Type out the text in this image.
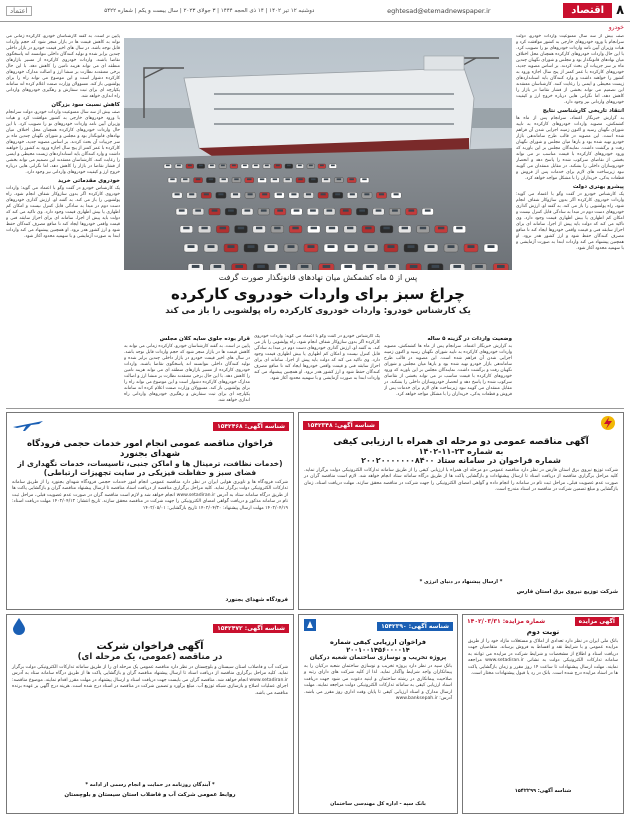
۸
اقتصاد
eghtesad@etemadnewspaper.ir
دوشنبه ۱۲ تیر ۱۴۰۲ | ۱۴ ذی الحجه ۱۴۴۴ | ۳ جولای ۲۰۲۳ | سال بیست و یکم | شماره ۵۴۲۲
اعتماد
خودرو

صف بیش از سه سال ممنوعیت واردات خودرو، دولت سرانجام با ورود خودروهای خارجی به کشور موافقت کرد و هیات وزیران آیین نامه واردات خودروهای نو را تصویب کرد. با این حال واردات خودروهای کارکرده همچنان محل اختلاف میان نهادهای قانونگذار بود و مجلس و شورای نگهبان چندین ماه بر سر جزییات آن بحث کردند. بر اساس مصوبه جدید، خودروهای کارکرده با عمر کمتر از پنج سال اجازه ورود به کشور را خواهند داشت و وارد کنندگان باید استانداردهای زیست محیطی و ایمنی را رعایت کنند. کارشناسان معتقدند این تصمیم می تواند بخشی از فشار تقاضا در بازار را کاهش دهد، اما نگرانی هایی درباره خروج ارز و کیفیت خودروهای وارداتی نیز وجود دارد.

انتقاد تاریخی کارشناسی نتایج

به گزارش خبرنگار اعتماد، سرانجام پس از ماه ها کشمکش، مصوبه واردات خودروهای کارکرده به تایید شورای نگهبان رسید و اکنون زمینه اجرایی شدن آن فراهم شده است. این مصوبه در قالب طرح ساماندهی بازار خودرو تهیه شده بود و بارها میان مجلس و شورای نگهبان رفت و برگشت داشت. نمایندگان مجلس بر این باورند که ورود خودروهای کارکرده با قیمت مناسب تر می تواند بخشی از تقاضای سرکوب شده را پاسخ دهد و انحصار خودروسازان داخلی را بشکند. در مقابل منتقدان می گویند نبود زیرساخت های لازم برای خدمات پس از فروش و قطعات یدکی، خریداران را با مشکل مواجه خواهد کرد.

پیشرو بهتری دولت

یک کارشناس خودرو در گفت وگو با اعتماد می گوید: واردات خودروی کارکرده اگر بدون سازوکار شفاف انجام شود، راه پولشویی را باز می کند. به گفته او، ارزش گذاری خودروهای دست دوم در مبدا به سادگی قابل کنترل نیست و امکان کم اظهاری یا بیش اظهاری قیمت وجود دارد. وی تاکید می کند که دولت باید پیش از اجرا، سامانه ای برای احراز سابقه فنی و قیمت واقعی خودروها ایجاد کند تا منافع مصرف کنندگان حفظ شود و ارز کشور هدر نرود. او همچنین پیشنهاد می کند واردات ابتدا به صورت آزمایشی و با سهمیه محدود آغاز شود.

پایین تر است. به گفته کارشناسان خودرو، کارکرده زمانی می تواند به کاهش قیمت ها در بازار منجر شود که حجم واردات قابل توجه باشد. در سال های اخیر قیمت خودرو در بازار داخلی چندین برابر شده و تولید کنندگان داخلی نتوانسته اند پاسخگوی تقاضا باشند. واردات خودروی کارکرده از مسیر بازارهای منطقه ای می تواند هزینه تامین را کاهش دهد. با این حال برخی معتقدند نظارت بر منشا ارز و اصالت مدارک خودروهای کارکرده دشوار است و این موضوع می تواند راه را برای پولشویی باز کند. مسوولان وزارت صمت اعلام کرده اند سامانه یکپارچه ای برای ثبت سفارش و رهگیری خودروهای وارداتی راه اندازی خواهد شد.

کاهش نسبت سود بزرگان

صف بیش از سه سال ممنوعیت واردات خودرو، دولت سرانجام با ورود خودروهای خارجی به کشور موافقت کرد و هیات وزیران آیین نامه واردات خودروهای نو را تصویب کرد. با این حال واردات خودروهای کارکرده همچنان محل اختلاف میان نهادهای قانونگذار بود و مجلس و شورای نگهبان چندین ماه بر سر جزییات آن بحث کردند. بر اساس مصوبه جدید، خودروهای کارکرده با عمر کمتر از پنج سال اجازه ورود به کشور را خواهند داشت و وارد کنندگان باید استانداردهای زیست محیطی و ایمنی را رعایت کنند. کارشناسان معتقدند این تصمیم می تواند بخشی از فشار تقاضا در بازار را کاهش دهد، اما نگرانی هایی درباره خروج ارز و کیفیت خودروهای وارداتی نیز وجود دارد.

خودروی مقدماتی خرید

یک کارشناس خودرو در گفت وگو با اعتماد می گوید: واردات خودروی کارکرده اگر بدون سازوکار شفاف انجام شود، راه پولشویی را باز می کند. به گفته او، ارزش گذاری خودروهای دست دوم در مبدا به سادگی قابل کنترل نیست و امکان کم اظهاری یا بیش اظهاری قیمت وجود دارد. وی تاکید می کند که دولت باید پیش از اجرا، سامانه ای برای احراز سابقه فنی و قیمت واقعی خودروها ایجاد کند تا منافع مصرف کنندگان حفظ شود و ارز کشور هدر نرود. او همچنین پیشنهاد می کند واردات ابتدا به صورت آزمایشی و با سهمیه محدود آغاز شود.

پس از ۵ ماه کشمکش میان نهادهای قانونگذار صورت گرفت
چراغ سبز برای واردات خودروی کارکرده
یک کارشناس خودرو: واردات خودروی کارکرده راه پولشویی را باز می کند
وضعیت واردات در گزینه ۵ ساله

به گزارش خبرنگار اعتماد، سرانجام پس از ماه ها کشمکش، مصوبه واردات خودروهای کارکرده به تایید شورای نگهبان رسید و اکنون زمینه اجرایی شدن آن فراهم شده است. این مصوبه در قالب طرح ساماندهی بازار خودرو تهیه شده بود و بارها میان مجلس و شورای نگهبان رفت و برگشت داشت. نمایندگان مجلس بر این باورند که ورود خودروهای کارکرده با قیمت مناسب تر می تواند بخشی از تقاضای سرکوب شده را پاسخ دهد و انحصار خودروسازان داخلی را بشکند. در مقابل منتقدان می گویند نبود زیرساخت های لازم برای خدمات پس از فروش و قطعات یدکی، خریداران را با مشکل مواجه خواهد کرد.

یک کارشناس خودرو در گفت وگو با اعتماد می گوید: واردات خودروی کارکرده اگر بدون سازوکار شفاف انجام شود، راه پولشویی را باز می کند. به گفته او، ارزش گذاری خودروهای دست دوم در مبدا به سادگی قابل کنترل نیست و امکان کم اظهاری یا بیش اظهاری قیمت وجود دارد. وی تاکید می کند که دولت باید پیش از اجرا، سامانه ای برای احراز سابقه فنی و قیمت واقعی خودروها ایجاد کند تا منافع مصرف کنندگان حفظ شود و ارز کشور هدر نرود. او همچنین پیشنهاد می کند واردات ابتدا به صورت آزمایشی و با سهمیه محدود آغاز شود.

قرار بوده جلوی سایه کلان مجلس

پایین تر است. به گفته کارشناسان خودرو، کارکرده زمانی می تواند به کاهش قیمت ها در بازار منجر شود که حجم واردات قابل توجه باشد. در سال های اخیر قیمت خودرو در بازار داخلی چندین برابر شده و تولید کنندگان داخلی نتوانسته اند پاسخگوی تقاضا باشند. واردات خودروی کارکرده از مسیر بازارهای منطقه ای می تواند هزینه تامین را کاهش دهد. با این حال برخی معتقدند نظارت بر منشا ارز و اصالت مدارک خودروهای کارکرده دشوار است و این موضوع می تواند راه را برای پولشویی باز کند. مسوولان وزارت صمت اعلام کرده اند سامانه یکپارچه ای برای ثبت سفارش و رهگیری خودروهای وارداتی راه اندازی خواهد شد.

شناسه آگهی: ۱۵۴۲۳۴۸
آگهی مناقصه عمومی دو مرحله ای همراه با ارزیابی کیفی
به شماره ۲۳-۱۱-۱۴۰۲
شماره فراخوان در سامانه ستاد ۲۰۰۲۰۰۰۰۰۰۰۸۴۰۰
شرکت توزیع نیروی برق استان فارس در نظر دارد مناقصه عمومی دو مرحله ای همراه با ارزیابی کیفی را از طریق سامانه تدارکات الکترونیکی دولت برگزار نماید. کلیه مراحل برگزاری مناقصه از دریافت اسناد تا ارسال پیشنهادات و بازگشایی پاکت ها از طریق درگاه سامانه ستاد انجام خواهد شد. لازم است مناقصه گران در صورت عدم عضویت قبلی، مراحل ثبت نام در سامانه را انجام داده و گواهی امضای الکترونیکی را جهت شرکت در مناقصه محقق سازند. مهلت دریافت اسناد، زمان بازگشایی و مبلغ تضمین شرکت در مناقصه در اسناد مندرج است.
* ارسال پیشنهاد در دنیای انرژی *
شرکت توزیع نیروی برق استان فارس
شناسه آگهی: ۱۵۴۲۴۶۸
فراخوان مناقصه عمومی انجام امور خدمات حجمی فرودگاه شهدای بجنورد
(خدمات نظافت، ترمینال ها و اماکن جنبی، تاسیسات، خدمات نگهداری از فضای سبز و حفاظت فیزیکی در سایت تجهیزات ارتباطی)
شرکت فرودگاه ها و ناوبری هوایی ایران در نظر دارد مناقصه عمومی انجام امور خدمات حجمی فرودگاه شهدای بجنورد را از طریق سامانه تدارکات الکترونیکی دولت برگزار نماید. کلیه مراحل برگزاری مناقصه از دریافت اسناد مناقصه تا ارسال پیشنهاد مناقصه گران و بازگشایی پاکت ها از طریق درگاه سامانه ستاد به آدرس www.setadiran.ir انجام خواهد شد و لازم است مناقصه گران در صورت عدم عضویت قبلی، مراحل ثبت نام در سامانه مذکور و دریافت گواهی امضای الکترونیکی را جهت شرکت در مناقصه محقق سازند. تاریخ انتشار: ۱۴۰۲/۰۴/۱۲ مهلت دریافت اسناد: ۱۴۰۲/۰۴/۱۹ مهلت ارسال پیشنهاد: ۱۴۰۲/۰۴/۳۰ تاریخ بازگشایی: ۱۴۰۲/۰۵/۰۱
فرودگاه شهدای بجنورد
شناسه آگهی: ۱۵۴۲۴۷۲
آگهی فراخوان شرکت
در مناقصه (عمومی، یک مرحله ای)
شرکت آب و فاضلاب استان سیستان و بلوچستان در نظر دارد مناقصه عمومی یک مرحله ای را از طریق سامانه تدارکات الکترونیکی دولت برگزار نماید. کلیه مراحل برگزاری مناقصه از دریافت اسناد تا ارسال پیشنهاد مناقصه گران و بازگشایی پاکت ها از طریق درگاه سامانه ستاد به آدرس www.setadiran.ir انجام خواهد شد. مناقصه گران می بایست جهت دریافت اسناد و ارسال پیشنهاد در مهلت مقرر اقدام نمایند. موضوع مناقصه: اجرای عملیات اصلاح و بازسازی شبکه توزیع آب. مبلغ برآورد و تضمین شرکت در مناقصه در اسناد درج شده است. هزینه درج آگهی بر عهده برنده مناقصه می باشد.
* آبندگان روزنامه در حمایت و انجام رسمی از ادامه *
روابط عمومی شرکت آب و فاضلاب استان سیستان و بلوچستان
شناسه آگهی: ۱۵۴۲۳۹۰
فراخوان ارزیابی کیفی شماره ۲۰۰۱۰۰۱۴۵۶۰۰۰۰۱۴
پروژه تخریب و نوسازی ساختمان شعبه درکیان
بانک سپه در نظر دارد پروژه تخریب و نوسازی ساختمان شعبه درکیان را به پیمانکاران واجد شرایط واگذار نماید. لذا از کلیه شرکت های دارای رتبه و صلاحیت پیمانکاری در رشته ساختمان و ابنیه دعوت می شود جهت دریافت اسناد ارزیابی کیفی به سامانه تدارکات الکترونیکی دولت مراجعه نمایند. مهلت ارسال مدارک و اسناد ارزیابی کیفی تا پایان وقت اداری روز مقرر می باشد. آدرس: www.banksepah.ir
بانک سپه - اداره کل مهندسی ساختمان
آگهی مزایده
شماره مزایده: ۱۴۰۲/۰۳/۳۱
نوبت دوم
بانک ملی ایران در نظر دارد تعدادی از املاک و مستغلات مازاد خود را از طریق مزایده عمومی و با شرایط نقد و اقساط به فروش برساند. متقاضیان جهت دریافت اسناد و اطلاع از مشخصات و شرایط شرکت در مزایده می توانند به سامانه تدارکات الکترونیکی دولت به نشانی www.setadiran.ir مراجعه نمایند. مهلت ارسال پیشنهادات تا ساعت ۱۴ روز مقرر و زمان بازگشایی پاکت ها در اسناد مزایده درج شده است. بانک در رد یا قبول پیشنهادات مختار است.
شناسه آگهی: ۱۵۴۲۲۹۹
